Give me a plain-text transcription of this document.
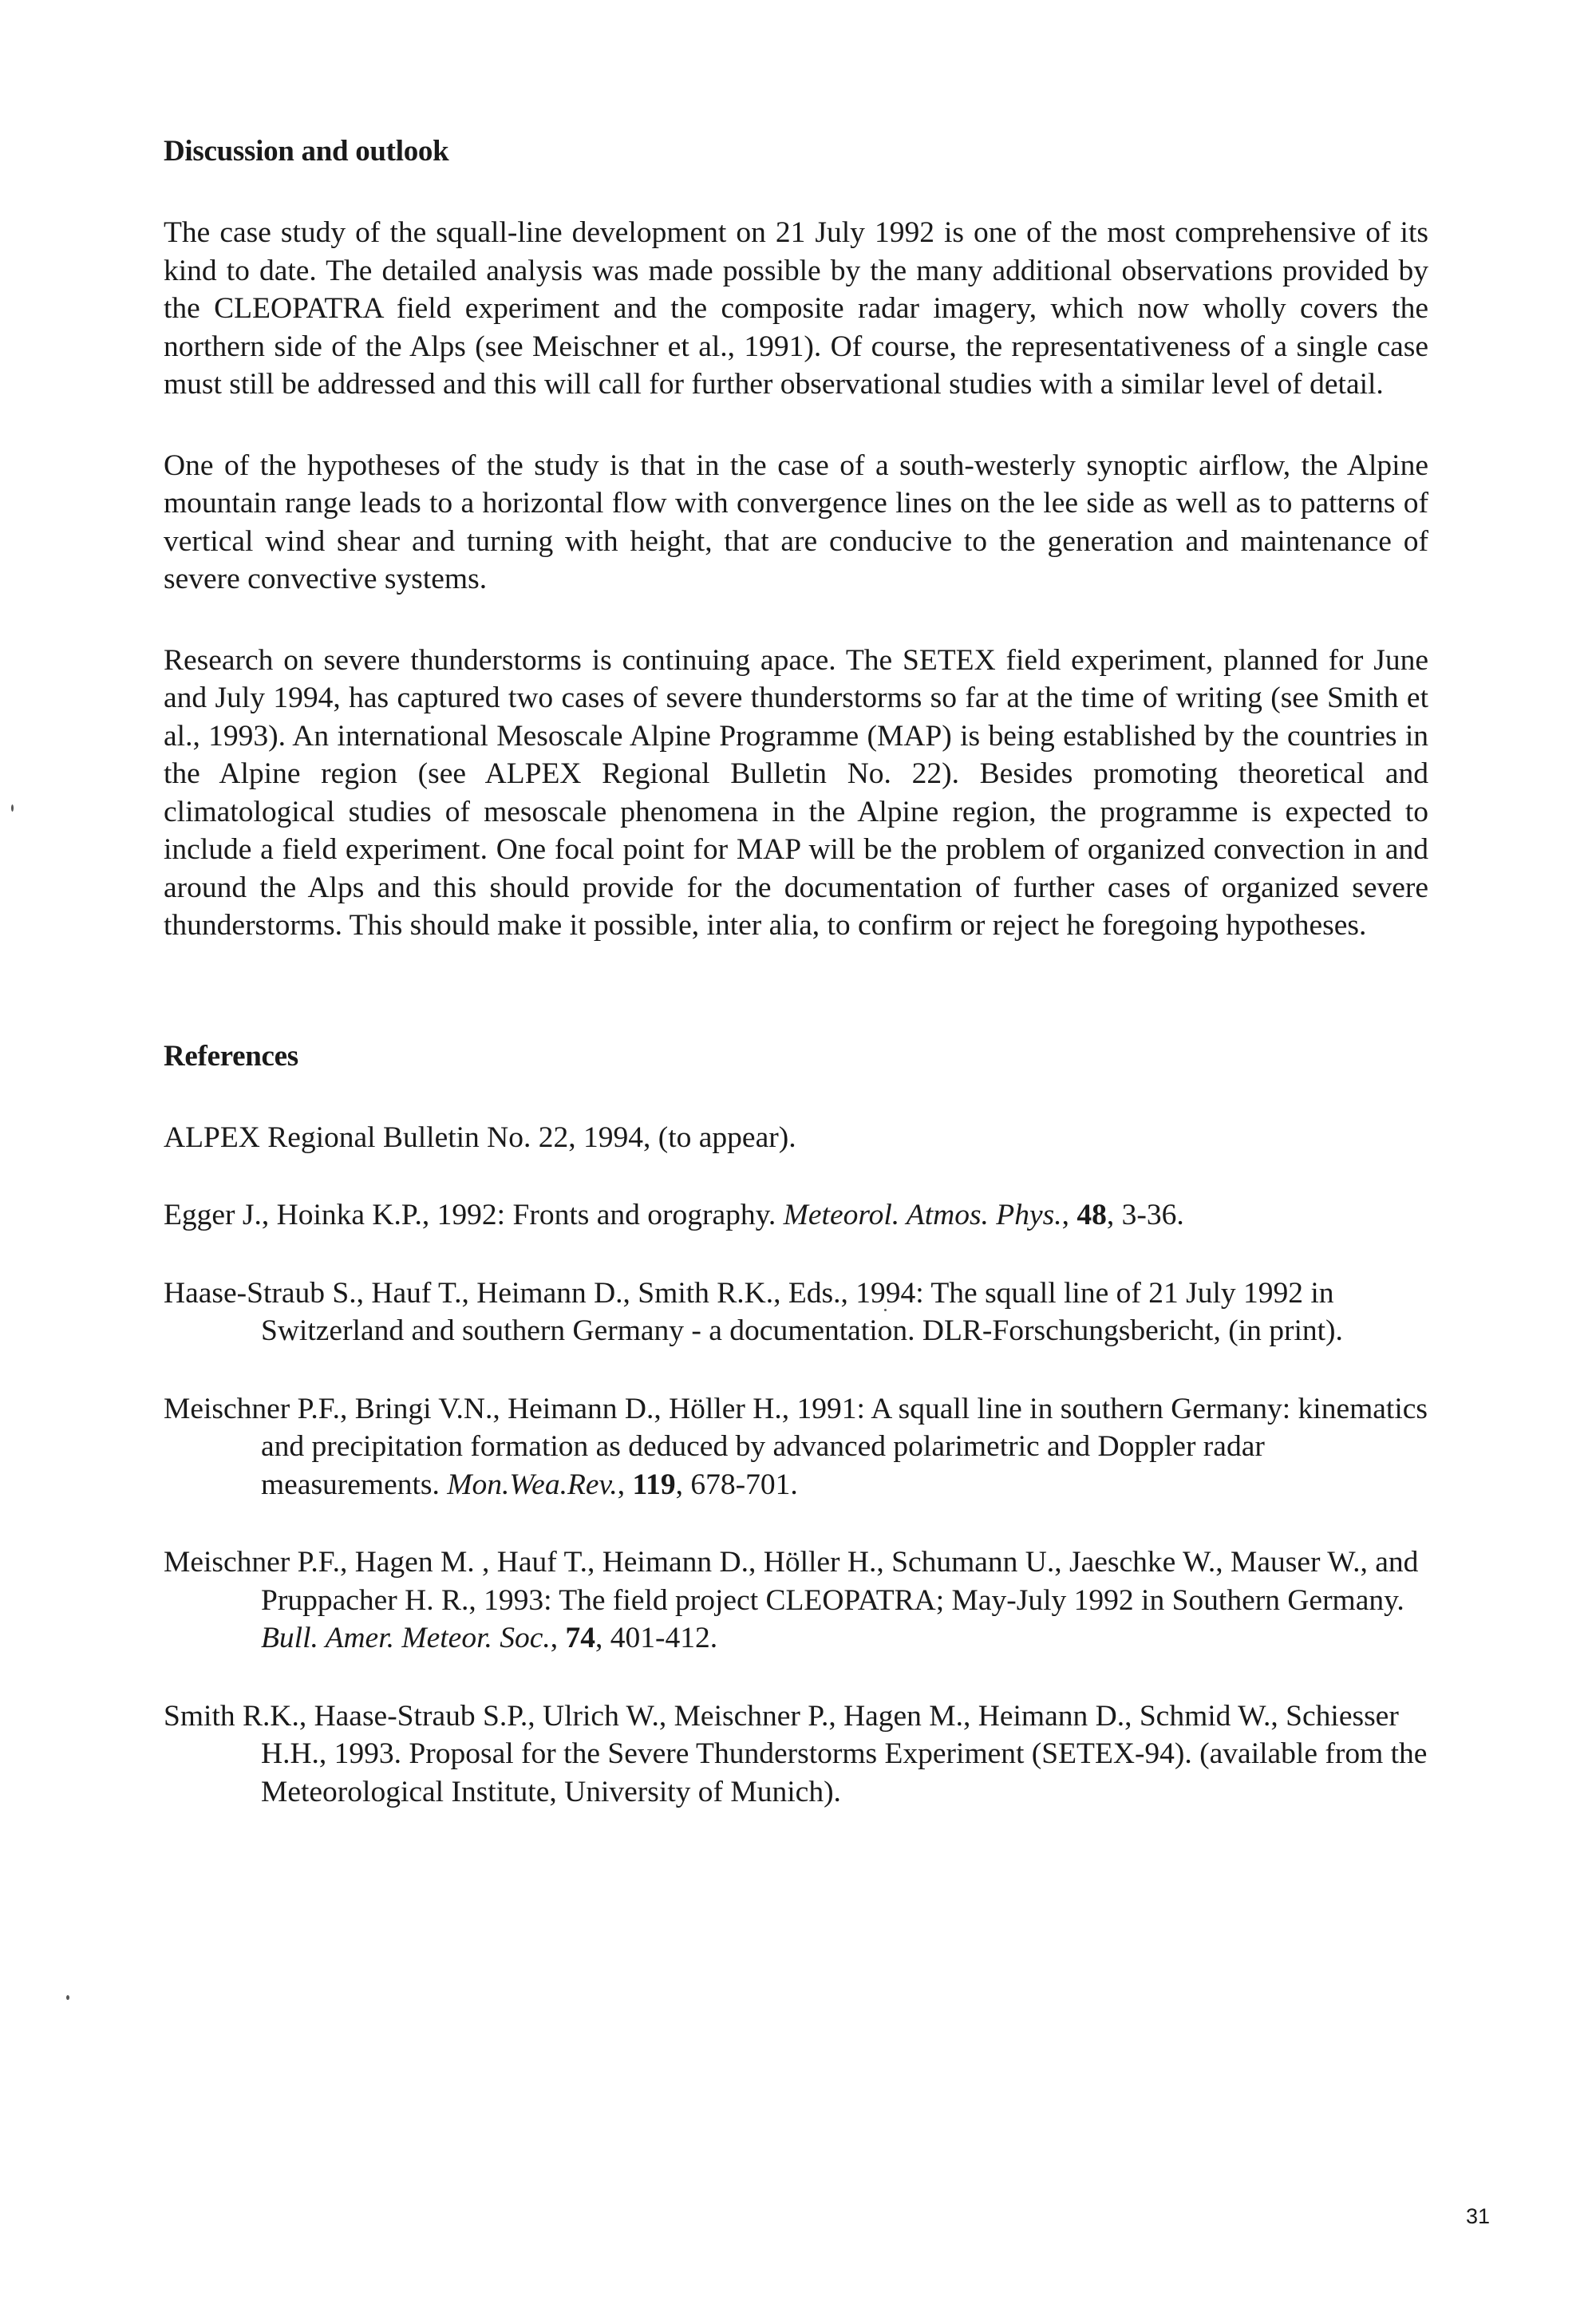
Discussion and outlook

The case study of the squall-line development on 21 July 1992 is one of the most comprehensive of its kind to date. The detailed analysis was made possible by the many additional observations provided by the CLEOPATRA field experiment and the composite radar imagery, which now wholly covers the northern side of the Alps (see Meischner et al., 1991). Of course, the representativeness of a single case must still be addressed and this will call for further observational studies with a similar level of detail.

One of the hypotheses of the study is that in the case of a south-westerly synoptic airflow, the Alpine mountain range leads to a horizontal flow with convergence lines on the lee side as well as to patterns of vertical wind shear and turning with height, that are conducive to the generation and maintenance of severe convective systems.

Research on severe thunderstorms is continuing apace. The SETEX field experiment, planned for June and July 1994, has captured two cases of severe thunderstorms so far at the time of writing (see Smith et al., 1993). An international Mesoscale Alpine Programme (MAP) is being established by the countries in the Alpine region (see ALPEX Regional Bulletin No. 22). Besides promoting theoretical and climatological studies of mesoscale phenomena in the Alpine region, the programme is expected to include a field experiment. One focal point for MAP will be the problem of organized convection in and around the Alps and this should provide for the documentation of further cases of organized severe thunderstorms. This should make it possible, inter alia, to confirm or reject he foregoing hypotheses.

References
ALPEX Regional Bulletin No. 22, 1994, (to appear).
Egger J., Hoinka K.P., 1992: Fronts and orography. Meteorol. Atmos. Phys., 48, 3-36.
Haase-Straub S., Hauf T., Heimann D., Smith R.K., Eds., 1994: The squall line of 21 July 1992 in Switzerland and southern Germany - a documentation. DLR-Forschungsbericht, (in print).
Meischner P.F., Bringi V.N., Heimann D., Höller H., 1991: A squall line in southern Germany: kinematics and precipitation formation as deduced by advanced polarimetric and Doppler radar measurements. Mon.Wea.Rev., 119, 678-701.
Meischner P.F., Hagen M. , Hauf T., Heimann D., Höller H., Schumann U., Jaeschke W., Mauser W., and Pruppacher H. R., 1993: The field project CLEOPATRA; May-July 1992 in Southern Germany. Bull. Amer. Meteor. Soc., 74, 401-412.
Smith R.K., Haase-Straub S.P., Ulrich W., Meischner P., Hagen M., Heimann D., Schmid W., Schiesser H.H., 1993. Proposal for the Severe Thunderstorms Experiment (SETEX-94). (available from the Meteorological Institute, University of Munich).
31
